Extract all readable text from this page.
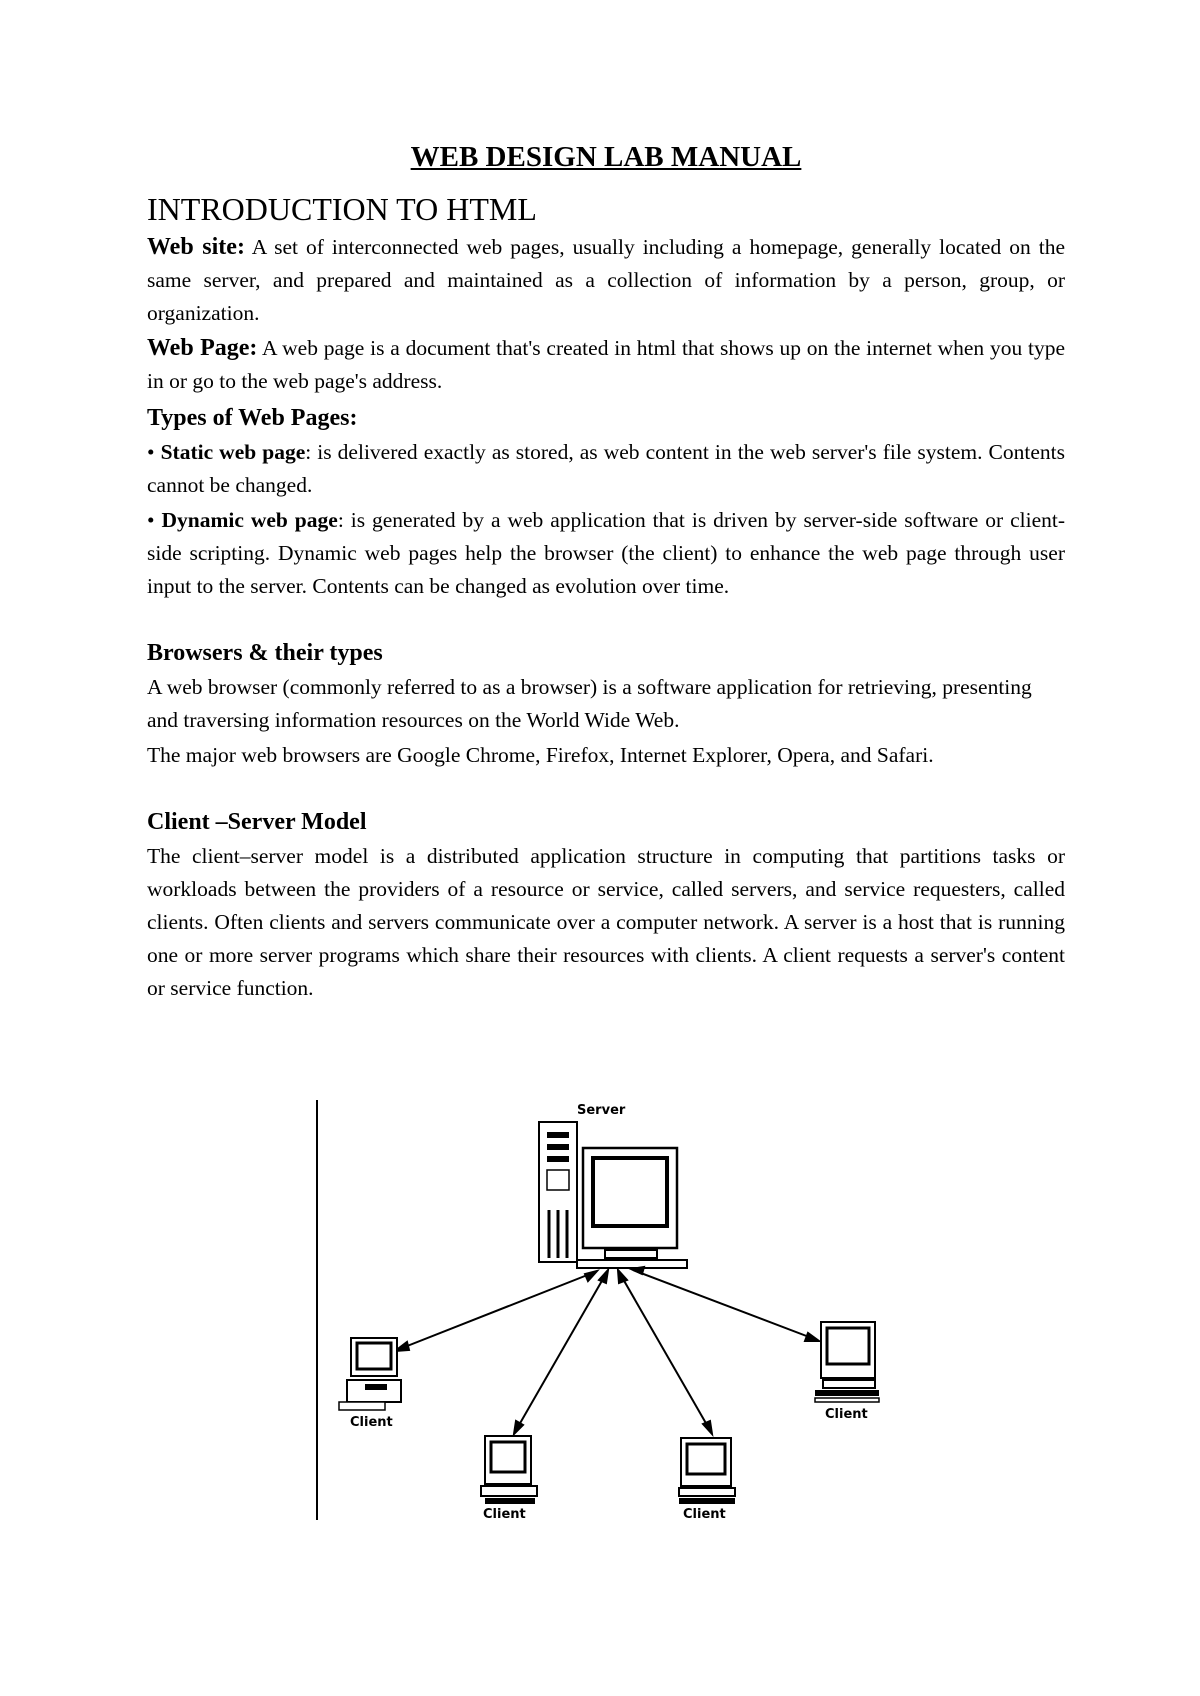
WEB DESIGN LAB MANUAL
INTRODUCTION TO HTML

Web site: A set of interconnected web pages, usually including a homepage, generally located on the same server, and prepared and maintained as a collection of information by a person, group, or organization.

Web Page: A web page is a document that's created in html that shows up on the internet when you type in or go to the web page's address.

Types of Web Pages:

• Static web page: is delivered exactly as stored, as web content in the web server's file system. Contents cannot be changed.

• Dynamic web page: is generated by a web application that is driven by server-side software or client-side scripting. Dynamic web pages help the browser (the client) to enhance the web page through user input to the server. Contents can be changed as evolution over time.

Browsers & their types

A web browser (commonly referred to as a browser) is a software application for retrieving, presenting and traversing information resources on the World Wide Web.

The major web browsers are Google Chrome, Firefox, Internet Explorer, Opera, and Safari.

Client –Server Model

The client–server model is a distributed application structure in computing that partitions tasks or workloads between the providers of a resource or service, called servers, and service requesters, called clients. Often clients and servers communicate over a computer network. A server is a host that is running one or more server programs which share their resources with clients. A client requests a server's content or service function.

Server
Client
Client	Client
Client
